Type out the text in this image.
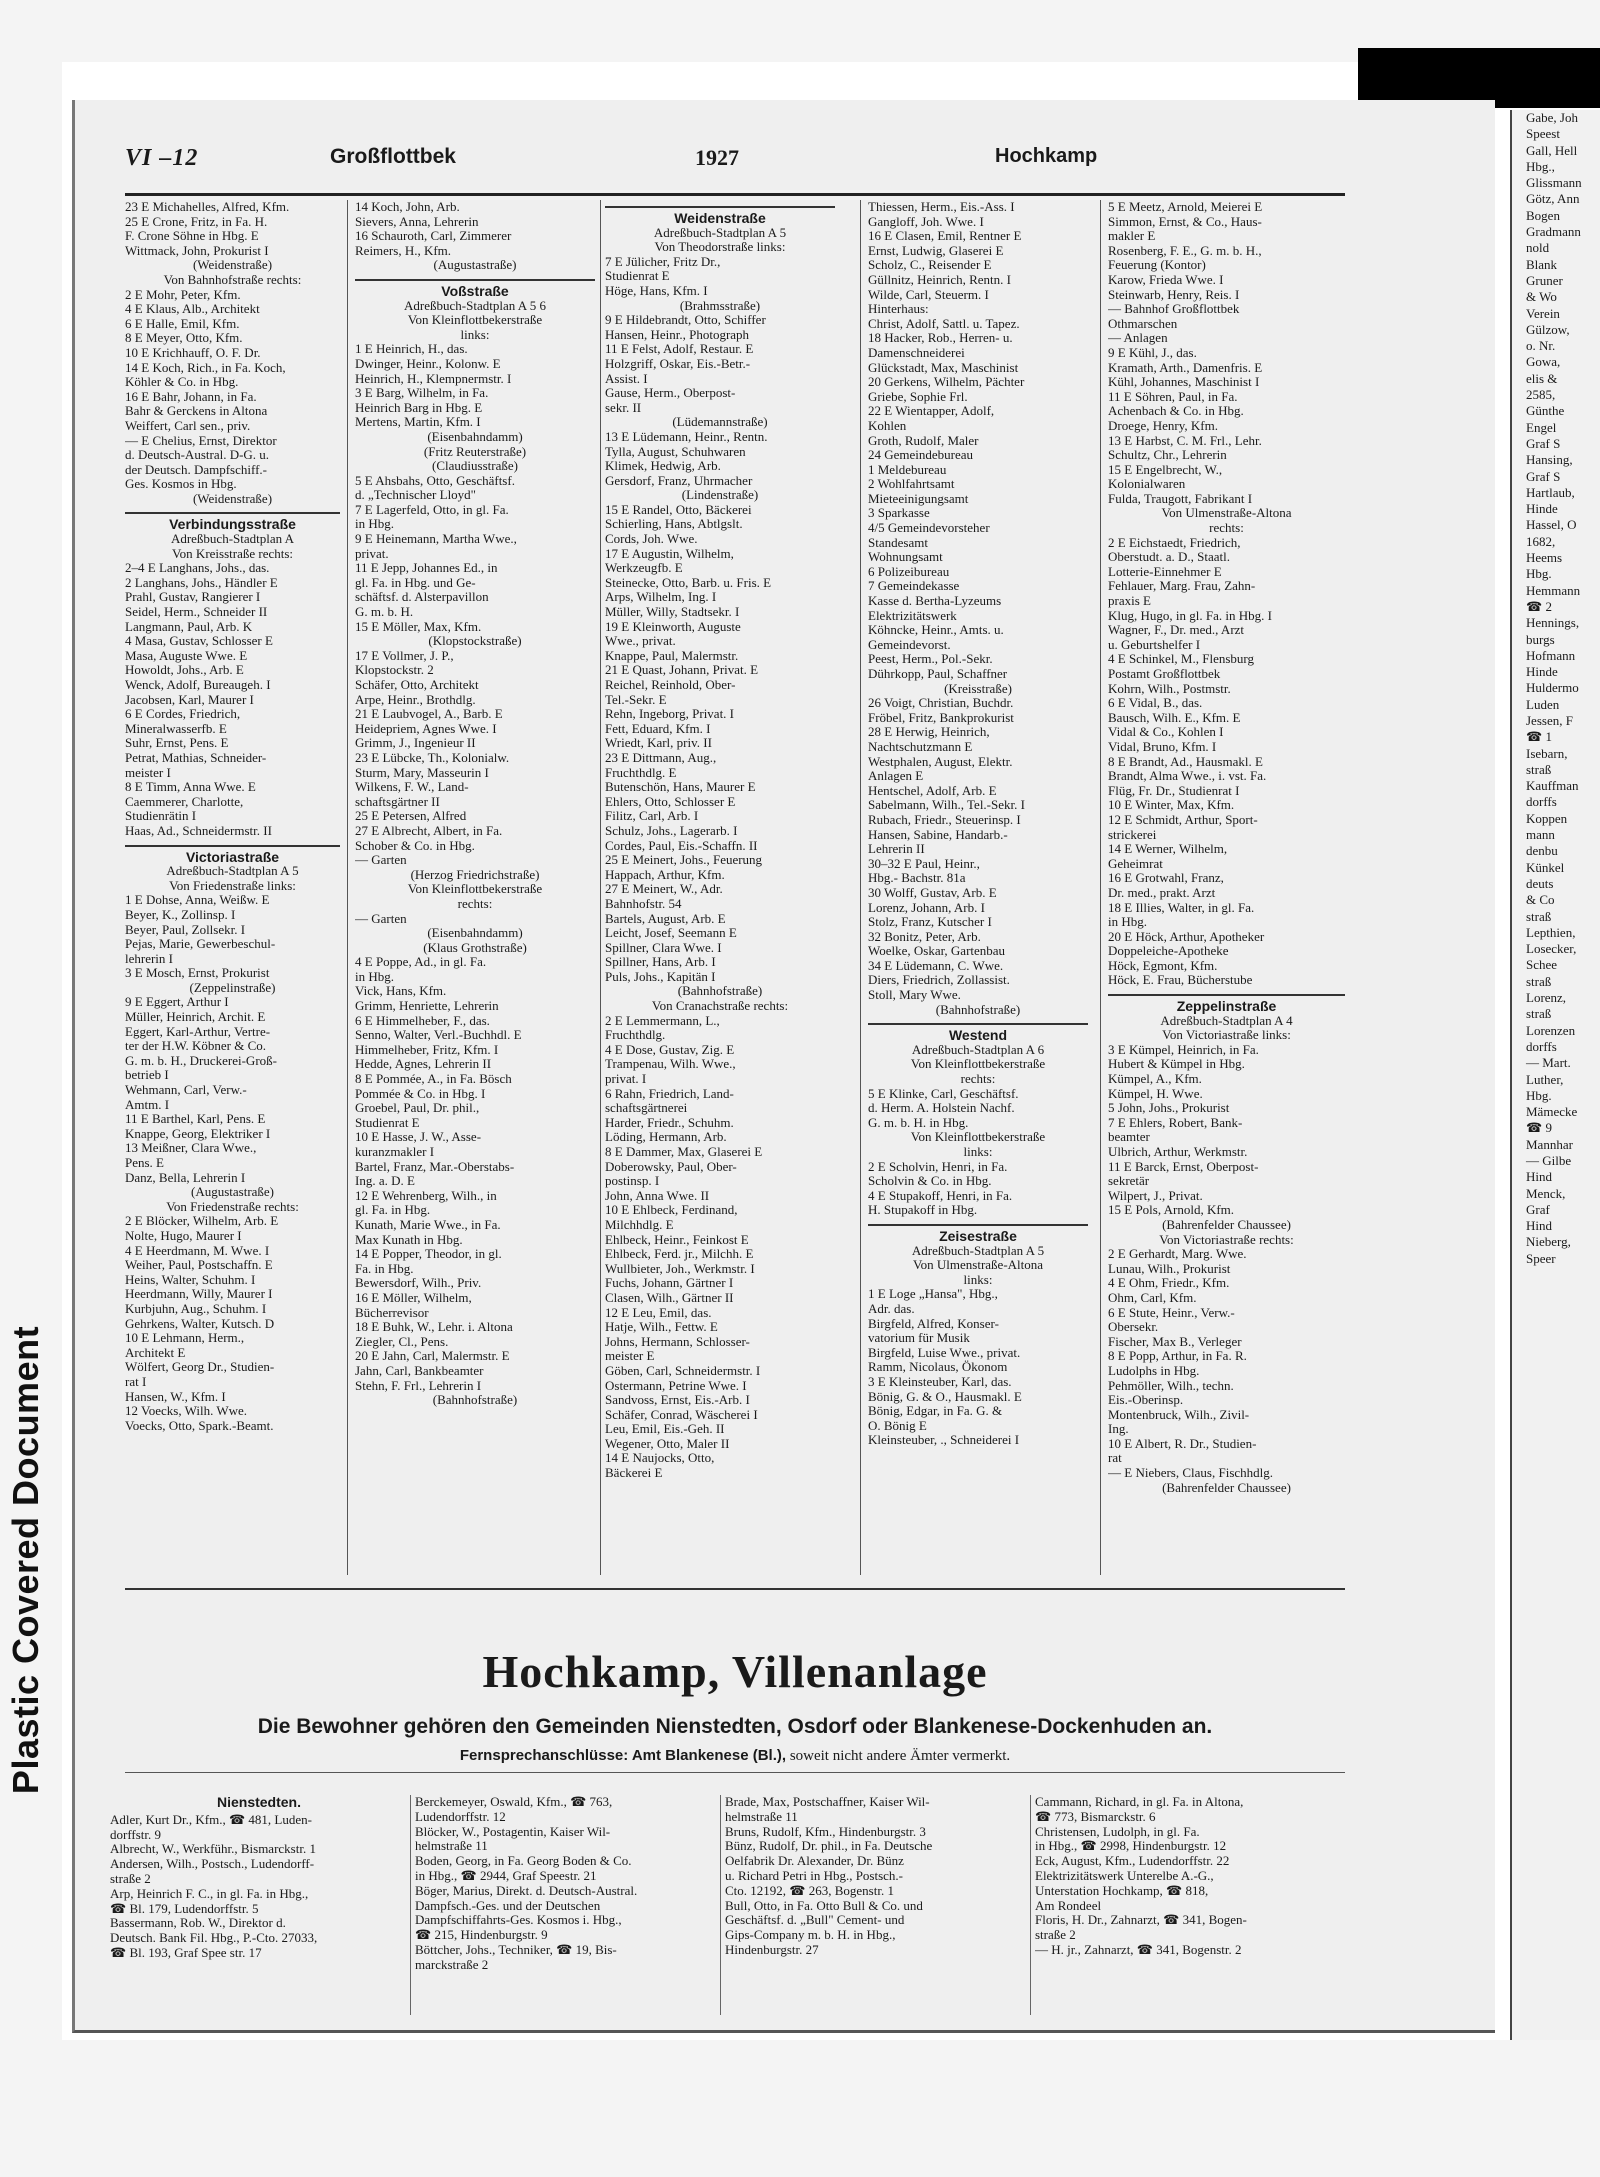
Gabe, Joh
Speest
Gall, Hell
Hbg.,
Glissmann
Götz, Ann
Bogen
Gradmann
nold
Blank
Gruner
& Wo
Verein
Gülzow,
o. Nr.
Gowa,
elis &
2585,
Günthe
Engel
Graf S
Hansing,
Graf S
Hartlaub,
Hinde
Hassel, O
1682,
Heems
Hbg.
Hemmann
☎ 2
Hennings,
burgs
Hofmann
Hinde
Huldermo
Luden
Jessen, F
☎ 1
Isebarn,
straß
Kauffman
dorffs
Koppen
mann
denbu
Künkel
deuts
& Co
straß
Lepthien,
Losecker,
Schee
straß
Lorenz,
straß
Lorenzen
dorffs
— Mart.
Luther,
Hbg.
Mämecke
☎ 9
Mannhar
— Gilbe
Hind
Menck,
Graf
Hind
Nieberg,
Speer
Plastic Covered Document
VI –12	Großflottbek	1927	Hochkamp
23 E Michahelles, Alfred, Kfm.
25 E Crone, Fritz, in Fa. H.
F. Crone Söhne in Hbg. E
Wittmack, John, Prokurist I
(Weidenstraße)
Von Bahnhofstraße rechts:
2 E Mohr, Peter, Kfm.
4 E Klaus, Alb., Architekt
6 E Halle, Emil, Kfm.
8 E Meyer, Otto, Kfm.
10 E Krichhauff, O. F. Dr.
14 E Koch, Rich., in Fa. Koch,
Köhler & Co. in Hbg.
16 E Bahr, Johann, in Fa.
Bahr & Gerckens in Altona
Weiffert, Carl sen., priv.
— E Chelius, Ernst, Direktor
d. Deutsch-Austral. D-G. u.
der Deutsch. Dampfschiff.-
Ges. Kosmos in Hbg.
(Weidenstraße)
Verbindungsstraße
Adreßbuch-Stadtplan A
Von Kreisstraße rechts:
2–4 E Langhans, Johs., das.
2 Langhans, Johs., Händler E
Prahl, Gustav, Rangierer I
Seidel, Herm., Schneider II
Langmann, Paul, Arb. K
4 Masa, Gustav, Schlosser E
Masa, Auguste Wwe. E
Howoldt, Johs., Arb. E
Wenck, Adolf, Bureaugeh. I
Jacobsen, Karl, Maurer I
6 E Cordes, Friedrich,
Mineralwasserfb. E
Suhr, Ernst, Pens. E
Petrat, Mathias, Schneider-
meister I
8 E Timm, Anna Wwe. E
Caemmerer, Charlotte,
Studienrätin I
Haas, Ad., Schneidermstr. II
Victoriastraße
Adreßbuch-Stadtplan A 5
Von Friedenstraße links:
1 E Dohse, Anna, Weißw. E
Beyer, K., Zollinsp. I
Beyer, Paul, Zollsekr. I
Pejas, Marie, Gewerbeschul-
lehrerin I
3 E Mosch, Ernst, Prokurist
(Zeppelinstraße)
9 E Eggert, Arthur I
Müller, Heinrich, Archit. E
Eggert, Karl-Arthur, Vertre-
ter der H.W. Köbner & Co.
G. m. b. H., Druckerei-Groß-
betrieb I
Wehmann, Carl, Verw.-
Amtm. I
11 E Barthel, Karl, Pens. E
Knappe, Georg, Elektriker I
13 Meißner, Clara Wwe.,
Pens. E
Danz, Bella, Lehrerin I
(Augustastraße)
Von Friedenstraße rechts:
2 E Blöcker, Wilhelm, Arb. E
Nolte, Hugo, Maurer I
4 E Heerdmann, M. Wwe. I
Weiher, Paul, Postschaffn. E
Heins, Walter, Schuhm. I
Heerdmann, Willy, Maurer I
Kurbjuhn, Aug., Schuhm. I
Gehrkens, Walter, Kutsch. D
10 E Lehmann, Herm.,
Architekt E
Wölfert, Georg Dr., Studien-
rat I
Hansen, W., Kfm. I
12 Voecks, Wilh. Wwe.
Voecks, Otto, Spark.-Beamt.
14 Koch, John, Arb.
Sievers, Anna, Lehrerin
16 Schauroth, Carl, Zimmerer
Reimers, H., Kfm.
(Augustastraße)
Voßstraße
Adreßbuch-Stadtplan A 5 6
Von Kleinflottbekerstraße
links:
1 E Heinrich, H., das.
Dwinger, Heinr., Kolonw. E
Heinrich, H., Klempnermstr. I
3 E Barg, Wilhelm, in Fa.
Heinrich Barg in Hbg. E
Mertens, Martin, Kfm. I
(Eisenbahndamm)
(Fritz Reuterstraße)
(Claudiusstraße)
5 E Ahsbahs, Otto, Geschäftsf.
d. „Technischer Lloyd"
7 E Lagerfeld, Otto, in gl. Fa.
in Hbg.
9 E Heinemann, Martha Wwe.,
privat.
11 E Jepp, Johannes Ed., in
gl. Fa. in Hbg. und Ge-
schäftsf. d. Alsterpavillon
G. m. b. H.
15 E Möller, Max, Kfm.
(Klopstockstraße)
17 E Vollmer, J. P.,
Klopstockstr. 2
Schäfer, Otto, Architekt
Arpe, Heinr., Brothdlg.
21 E Laubvogel, A., Barb. E
Heidepriem, Agnes Wwe. I
Grimm, J., Ingenieur II
23 E Lübcke, Th., Kolonialw.
Sturm, Mary, Masseurin I
Wilkens, F. W., Land-
schaftsgärtner II
25 E Petersen, Alfred
27 E Albrecht, Albert, in Fa.
Schober & Co. in Hbg.
— Garten
(Herzog Friedrichstraße)
Von Kleinflottbekerstraße
rechts:
— Garten
(Eisenbahndamm)
(Klaus Grothstraße)
4 E Poppe, Ad., in gl. Fa.
in Hbg.
Vick, Hans, Kfm.
Grimm, Henriette, Lehrerin
6 E Himmelheber, F., das.
Senno, Walter, Verl.-Buchhdl. E
Himmelheber, Fritz, Kfm. I
Hedde, Agnes, Lehrerin II
8 E Pommée, A., in Fa. Bösch
Pommée & Co. in Hbg. I
Groebel, Paul, Dr. phil.,
Studienrat E
10 E Hasse, J. W., Asse-
kuranzmakler I
Bartel, Franz, Mar.-Oberstabs-
Ing. a. D. E
12 E Wehrenberg, Wilh., in
gl. Fa. in Hbg.
Kunath, Marie Wwe., in Fa.
Max Kunath in Hbg.
14 E Popper, Theodor, in gl.
Fa. in Hbg.
Bewersdorf, Wilh., Priv.
16 E Möller, Wilhelm,
Bücherrevisor
18 E Buhk, W., Lehr. i. Altona
Ziegler, Cl., Pens.
20 E Jahn, Carl, Malermstr. E
Jahn, Carl, Bankbeamter
Stehn, F. Frl., Lehrerin I
(Bahnhofstraße)
Weidenstraße
Adreßbuch-Stadtplan A 5
Von Theodorstraße links:
7 E Jülicher, Fritz Dr.,
Studienrat E
Höge, Hans, Kfm. I
(Brahmsstraße)
9 E Hildebrandt, Otto, Schiffer
Hansen, Heinr., Photograph
11 E Felst, Adolf, Restaur. E
Holzgriff, Oskar, Eis.-Betr.-
Assist. I
Gause, Herm., Oberpost-
sekr. II
(Lüdemannstraße)
13 E Lüdemann, Heinr., Rentn.
Tylla, August, Schuhwaren
Klimek, Hedwig, Arb.
Gersdorf, Franz, Uhrmacher
(Lindenstraße)
15 E Randel, Otto, Bäckerei
Schierling, Hans, Abtlgslt.
Cords, Joh. Wwe.
17 E Augustin, Wilhelm,
Werkzeugfb. E
Steinecke, Otto, Barb. u. Fris. E
Arps, Wilhelm, Ing. I
Müller, Willy, Stadtsekr. I
19 E Kleinworth, Auguste
Wwe., privat.
Knappe, Paul, Malermstr.
21 E Quast, Johann, Privat. E
Reichel, Reinhold, Ober-
Tel.-Sekr. E
Rehn, Ingeborg, Privat. I
Fett, Eduard, Kfm. I
Wriedt, Karl, priv. II
23 E Dittmann, Aug.,
Fruchthdlg. E
Butenschön, Hans, Maurer E
Ehlers, Otto, Schlosser E
Filitz, Carl, Arb. I
Schulz, Johs., Lagerarb. I
Cordes, Paul, Eis.-Schaffn. II
25 E Meinert, Johs., Feuerung
Happach, Arthur, Kfm.
27 E Meinert, W., Adr.
Bahnhofstr. 54
Bartels, August, Arb. E
Leicht, Josef, Seemann E
Spillner, Clara Wwe. I
Spillner, Hans, Arb. I
Puls, Johs., Kapitän I
(Bahnhofstraße)
Von Cranachstraße rechts:
2 E Lemmermann, L.,
Fruchthdlg.
4 E Dose, Gustav, Zig. E
Trampenau, Wilh. Wwe.,
privat. I
6 Rahn, Friedrich, Land-
schaftsgärtnerei
Harder, Friedr., Schuhm.
Löding, Hermann, Arb.
8 E Dammer, Max, Glaserei E
Doberowsky, Paul, Ober-
postinsp. I
John, Anna Wwe. II
10 E Ehlbeck, Ferdinand,
Milchhdlg. E
Ehlbeck, Heinr., Feinkost E
Ehlbeck, Ferd. jr., Milchh. E
Wullbieter, Joh., Werkmstr. I
Fuchs, Johann, Gärtner I
Clasen, Wilh., Gärtner II
12 E Leu, Emil, das.
Hatje, Wilh., Fettw. E
Johns, Hermann, Schlosser-
meister E
Göben, Carl, Schneidermstr. I
Ostermann, Petrine Wwe. I
Sandvoss, Ernst, Eis.-Arb. I
Schäfer, Conrad, Wäscherei I
Leu, Emil, Eis.-Geh. II
Wegener, Otto, Maler II
14 E Naujocks, Otto,
Bäckerei E
Thiessen, Herm., Eis.-Ass. I
Gangloff, Joh. Wwe. I
16 E Clasen, Emil, Rentner E
Ernst, Ludwig, Glaserei E
Scholz, C., Reisender E
Güllnitz, Heinrich, Rentn. I
Wilde, Carl, Steuerm. I
Hinterhaus:
Christ, Adolf, Sattl. u. Tapez.
18 Hacker, Rob., Herren- u.
Damenschneiderei
Glückstadt, Max, Maschinist
20 Gerkens, Wilhelm, Pächter
Griebe, Sophie Frl.
22 E Wientapper, Adolf,
Kohlen
Groth, Rudolf, Maler
24 Gemeindebureau
1 Meldebureau
2 Wohlfahrtsamt
Mieteeinigungsamt
3 Sparkasse
4/5 Gemeindevorsteher
Standesamt
Wohnungsamt
6 Polizeibureau
7 Gemeindekasse
Kasse d. Bertha-Lyzeums
Elektrizitätswerk
Köhncke, Heinr., Amts. u.
Gemeindevorst.
Peest, Herm., Pol.-Sekr.
Dührkopp, Paul, Schaffner
(Kreisstraße)
26 Voigt, Christian, Buchdr.
Fröbel, Fritz, Bankprokurist
28 E Herwig, Heinrich,
Nachtschutzmann E
Westphalen, August, Elektr.
Anlagen E
Hentschel, Adolf, Arb. E
Sabelmann, Wilh., Tel.-Sekr. I
Rubach, Friedr., Steuerinsp. I
Hansen, Sabine, Handarb.-
Lehrerin II
30–32 E Paul, Heinr.,
Hbg.- Bachstr. 81a
30 Wolff, Gustav, Arb. E
Lorenz, Johann, Arb. I
Stolz, Franz, Kutscher I
32 Bonitz, Peter, Arb.
Woelke, Oskar, Gartenbau
34 E Lüdemann, C. Wwe.
Diers, Friedrich, Zollassist.
Stoll, Mary Wwe.
(Bahnhofstraße)
Westend
Adreßbuch-Stadtplan A 6
Von Kleinflottbekerstraße
rechts:
5 E Klinke, Carl, Geschäftsf.
d. Herm. A. Holstein Nachf.
G. m. b. H. in Hbg.
Von Kleinflottbekerstraße
links:
2 E Scholvin, Henri, in Fa.
Scholvin & Co. in Hbg.
4 E Stupakoff, Henri, in Fa.
H. Stupakoff in Hbg.
Zeisestraße
Adreßbuch-Stadtplan A 5
Von Ulmenstraße-Altona
links:
1 E Loge „Hansa", Hbg.,
Adr. das.
Birgfeld, Alfred, Konser-
vatorium für Musik
Birgfeld, Luise Wwe., privat.
Ramm, Nicolaus, Ökonom
3 E Kleinsteuber, Karl, das.
Bönig, G. & O., Hausmakl. E
Bönig, Edgar, in Fa. G. &
O. Bönig E
Kleinsteuber, ., Schneiderei I
5 E Meetz, Arnold, Meierei E
Simmon, Ernst, & Co., Haus-
makler E
Rosenberg, F. E., G. m. b. H.,
Feuerung (Kontor)
Karow, Frieda Wwe. I
Steinwarb, Henry, Reis. I
— Bahnhof Großflottbek
Othmarschen
— Anlagen
9 E Kühl, J., das.
Kramath, Arth., Damenfris. E
Kühl, Johannes, Maschinist I
11 E Söhren, Paul, in Fa.
Achenbach & Co. in Hbg.
Droege, Henry, Kfm.
13 E Harbst, C. M. Frl., Lehr.
Schultz, Chr., Lehrerin
15 E Engelbrecht, W.,
Kolonialwaren
Fulda, Traugott, Fabrikant I
Von Ulmenstraße-Altona
rechts:
2 E Eichstaedt, Friedrich,
Oberstudt. a. D., Staatl.
Lotterie-Einnehmer E
Fehlauer, Marg. Frau, Zahn-
praxis E
Klug, Hugo, in gl. Fa. in Hbg. I
Wagner, F., Dr. med., Arzt
u. Geburtshelfer I
4 E Schinkel, M., Flensburg
Postamt Großflottbek
Kohrn, Wilh., Postmstr.
6 E Vidal, B., das.
Bausch, Wilh. E., Kfm. E
Vidal & Co., Kohlen I
Vidal, Bruno, Kfm. I
8 E Brandt, Ad., Hausmakl. E
Brandt, Alma Wwe., i. vst. Fa.
Flüg, Fr. Dr., Studienrat I
10 E Winter, Max, Kfm.
12 E Schmidt, Arthur, Sport-
strickerei
14 E Werner, Wilhelm,
Geheimrat
16 E Grotwahl, Franz,
Dr. med., prakt. Arzt
18 E Illies, Walter, in gl. Fa.
in Hbg.
20 E Höck, Arthur, Apotheker
Doppeleiche-Apotheke
Höck, Egmont, Kfm.
Höck, E. Frau, Bücherstube
Zeppelinstraße
Adreßbuch-Stadtplan A 4
Von Victoriastraße links:
3 E Kümpel, Heinrich, in Fa.
Hubert & Kümpel in Hbg.
Kümpel, A., Kfm.
Kümpel, H. Wwe.
5 John, Johs., Prokurist
7 E Ehlers, Robert, Bank-
beamter
Ulbrich, Arthur, Werkmstr.
11 E Barck, Ernst, Oberpost-
sekretär
Wilpert, J., Privat.
15 E Pols, Arnold, Kfm.
(Bahrenfelder Chaussee)
Von Victoriastraße rechts:
2 E Gerhardt, Marg. Wwe.
Lunau, Wilh., Prokurist
4 E Ohm, Friedr., Kfm.
Ohm, Carl, Kfm.
6 E Stute, Heinr., Verw.-
Obersekr.
Fischer, Max B., Verleger
8 E Popp, Arthur, in Fa. R.
Ludolphs in Hbg.
Pehmöller, Wilh., techn.
Eis.-Oberinsp.
Montenbruck, Wilh., Zivil-
Ing.
10 E Albert, R. Dr., Studien-
rat
— E Niebers, Claus, Fischhdlg.
(Bahrenfelder Chaussee)
Hochkamp, Villenanlage
Die Bewohner gehören den Gemeinden Nienstedten, Osdorf oder Blankenese-Dockenhuden an.
Fernsprechanschlüsse: Amt Blankenese (Bl.), soweit nicht andere Ämter vermerkt.
Nienstedten.
Adler, Kurt Dr., Kfm., ☎ 481, Luden-
dorffstr. 9
Albrecht, W., Werkführ., Bismarckstr. 1
Andersen, Wilh., Postsch., Ludendorff-
straße 2
Arp, Heinrich F. C., in gl. Fa. in Hbg.,
☎ Bl. 179, Ludendorffstr. 5
Bassermann, Rob. W., Direktor d.
Deutsch. Bank Fil. Hbg., P.-Cto. 27033,
☎ Bl. 193, Graf Spee str. 17
Berckemeyer, Oswald, Kfm., ☎ 763,
Ludendorffstr. 12
Blöcker, W., Postagentin, Kaiser Wil-
helmstraße 11
Boden, Georg, in Fa. Georg Boden & Co.
in Hbg., ☎ 2944, Graf Speestr. 21
Böger, Marius, Direkt. d. Deutsch-Austral.
Dampfsch.-Ges. und der Deutschen
Dampfschiffahrts-Ges. Kosmos i. Hbg.,
☎ 215, Hindenburgstr. 9
Böttcher, Johs., Techniker, ☎ 19, Bis-
marckstraße 2
Brade, Max, Postschaffner, Kaiser Wil-
helmstraße 11
Bruns, Rudolf, Kfm., Hindenburgstr. 3
Bünz, Rudolf, Dr. phil., in Fa. Deutsche
Oelfabrik Dr. Alexander, Dr. Bünz
u. Richard Petri in Hbg., Postsch.-
Cto. 12192, ☎ 263, Bogenstr. 1
Bull, Otto, in Fa. Otto Bull & Co. und
Geschäftsf. d. „Bull" Cement- und
Gips-Company m. b. H. in Hbg.,
Hindenburgstr. 27
Cammann, Richard, in gl. Fa. in Altona,
☎ 773, Bismarckstr. 6
Christensen, Ludolph, in gl. Fa.
in Hbg., ☎ 2998, Hindenburgstr. 12
Eck, August, Kfm., Ludendorffstr. 22
Elektrizitätswerk Unterelbe A.-G.,
Unterstation Hochkamp, ☎ 818,
Am Rondeel
Floris, H. Dr., Zahnarzt, ☎ 341, Bogen-
straße 2
— H. jr., Zahnarzt, ☎ 341, Bogenstr. 2
